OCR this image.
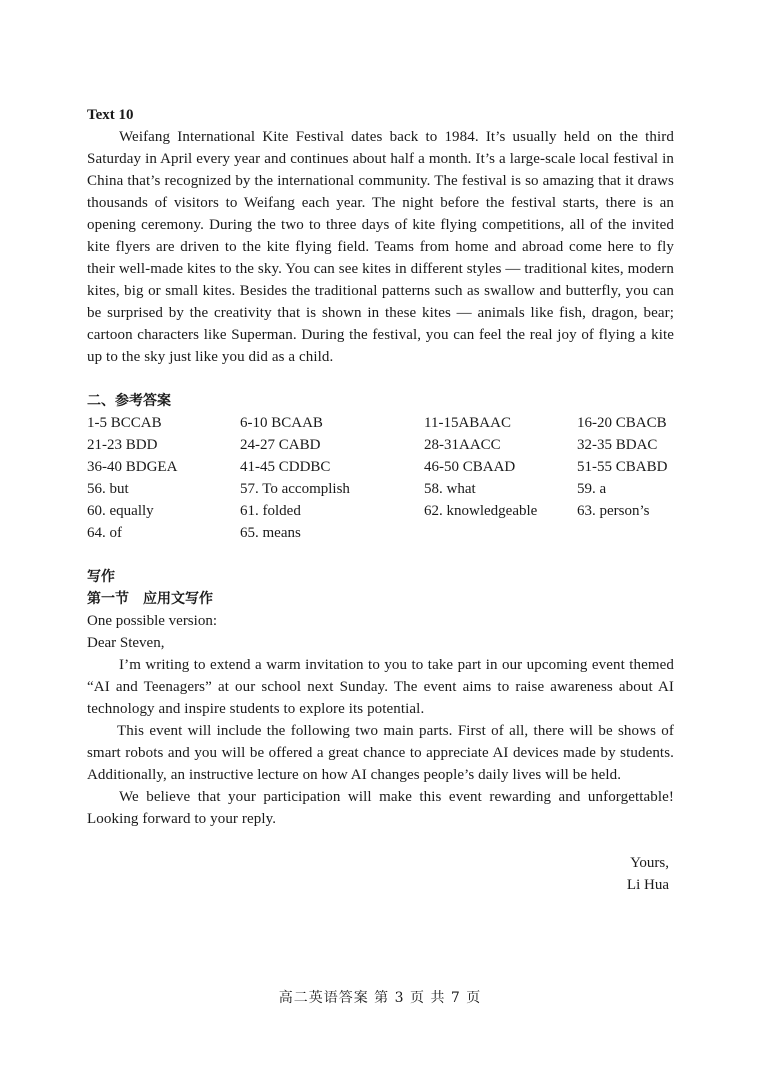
Text 10

Weifang International Kite Festival dates back to 1984. It’s usually held on the third Saturday in April every year and continues about half a month. It’s a large-scale local festival in China that’s recognized by the international community. The festival is so amazing that it draws thousands of visitors to Weifang each year. The night before the festival starts, there is an opening ceremony. During the two to three days of kite flying competitions, all of the invited kite flyers are driven to the kite flying field. Teams from home and abroad come here to fly their well-made kites to the sky. You can see kites in different styles — traditional kites, modern kites, big or small kites. Besides the traditional patterns such as swallow and butterfly, you can be surprised by the creativity that is shown in these kites — animals like fish, dragon, bear; cartoon characters like Superman. During the festival, you can feel the real joy of flying a kite up to the sky just like you did as a child.

二、参考答案

1-5 BCCAB	6-10 BCAAB	11-15ABAAC	16-20 CBACB
21-23 BDD	24-27 CABD	28-31AACC	32-35 BDAC
36-40 BDGEA	41-45 CDDBC	46-50 CBAAD	51-55 CBABD
56. but	57. To accomplish	58. what	59. a
60. equally	61. folded	62. knowledgeable	63. person’s
64. of	65. means

写作

第一节　应用文写作

One possible version:

Dear Steven,

I’m writing to extend a warm invitation to you to take part in our upcoming event themed “AI and Teenagers” at our school next Sunday. The event aims to raise awareness about AI technology and inspire students to explore its potential.

This event will include the following two main parts. First of all, there will be shows of smart robots and you will be offered a great chance to appreciate AI devices made by students. Additionally, an instructive lecture on how AI changes people’s daily lives will be held.

We believe that your participation will make this event rewarding and unforgettable! Looking forward to your reply.

Yours,

Li Hua

高二英语答案 第 3 页 共 7 页
